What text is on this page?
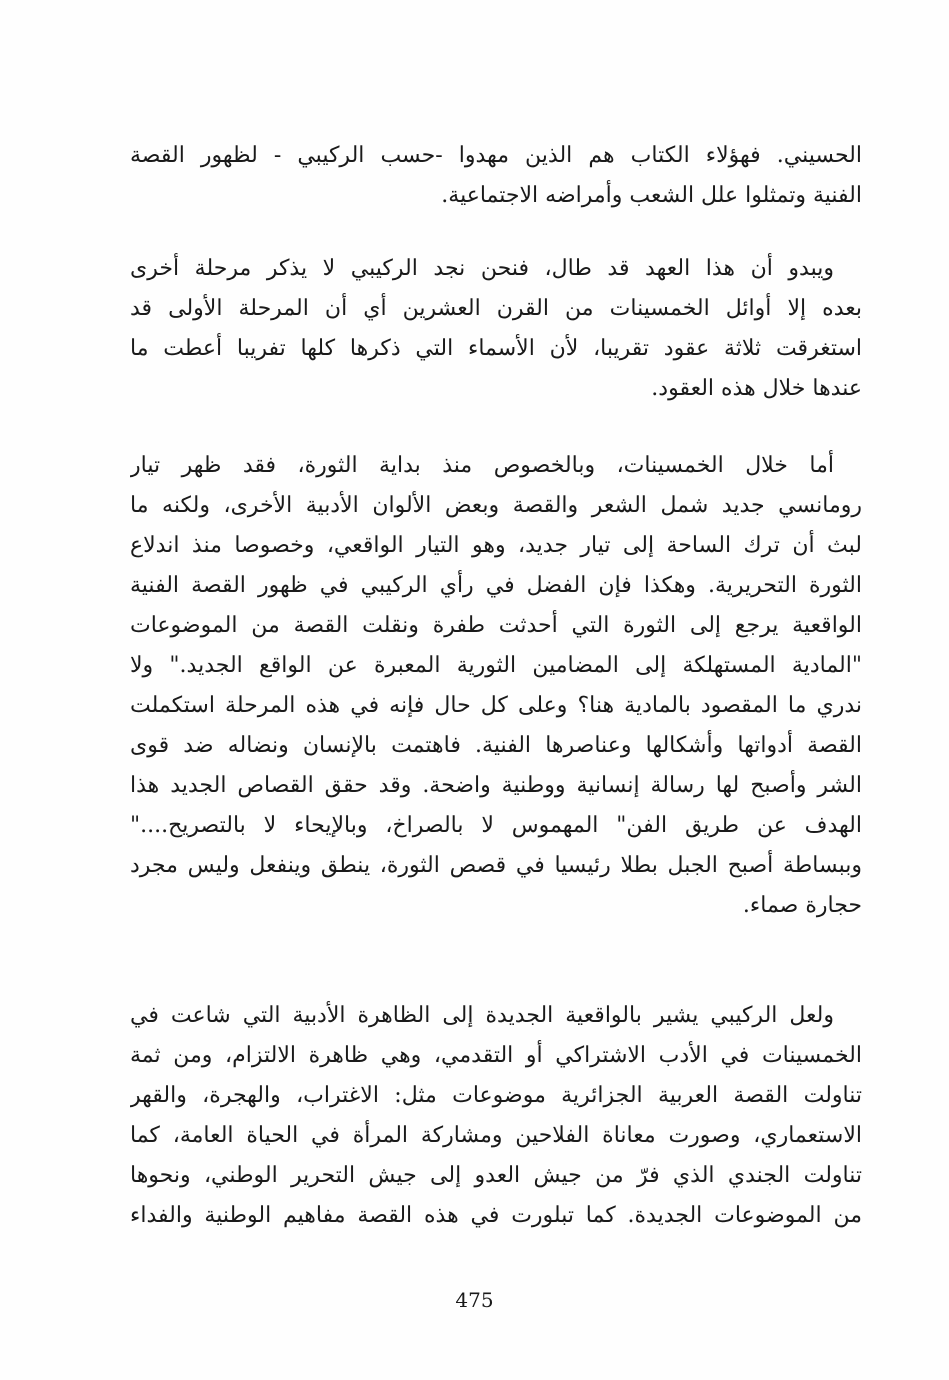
الحسيني. فهؤلاء الكتاب هم الذين مهدوا -حسب الركيبي - لظهور القصة
الفنية وتمثلوا علل الشعب وأمراضه الاجتماعية.
ويبدو أن هذا العهد قد طال، فنحن نجد الركيبي لا يذكر مرحلة أخرى
بعده إلا أوائل الخمسينات من القرن العشرين أي أن المرحلة الأولى قد
استغرقت ثلاثة عقود تقريبا، لأن الأسماء التي ذكرها كلها تفريبا أعطت ما
عندها خلال هذه العقود.
أما خلال الخمسينات، وبالخصوص منذ بداية الثورة، فقد ظهر تيار
رومانسي جديد شمل الشعر والقصة وبعض الألوان الأدبية الأخرى، ولكنه ما
لبث أن ترك الساحة إلى تيار جديد، وهو التيار الواقعي، وخصوصا منذ اندلاع
الثورة التحريرية. وهكذا فإن الفضل في رأي الركيبي في ظهور القصة الفنية
الواقعية يرجع إلى الثورة التي أحدثت طفرة ونقلت القصة من الموضوعات
"المادية المستهلكة إلى المضامين الثورية المعبرة عن الواقع الجديد." ولا
ندري ما المقصود بالمادية هنا؟ وعلى كل حال فإنه في هذه المرحلة استكملت
القصة أدواتها وأشكالها وعناصرها الفنية. فاهتمت بالإنسان ونضاله ضد قوى
الشر وأصبح لها رسالة إنسانية ووطنية واضحة. وقد حقق القصاص الجديد هذا
الهدف عن طريق الفن" المهموس لا بالصراخ، وبالإيحاء لا بالتصريح...."
وببساطة أصبح الجبل بطلا رئيسيا في قصص الثورة، ينطق وينفعل وليس مجرد
حجارة صماء.
ولعل الركيبي يشير بالواقعية الجديدة إلى الظاهرة الأدبية التي شاعت في
الخمسينات في الأدب الاشتراكي أو التقدمي، وهي ظاهرة الالتزام، ومن ثمة
تناولت القصة العربية الجزائرية موضوعات مثل: الاغتراب، والهجرة، والقهر
الاستعماري، وصورت معاناة الفلاحين ومشاركة المرأة في الحياة العامة، كما
تناولت الجندي الذي فرّ من جيش العدو إلى جيش التحرير الوطني، ونحوها
من الموضوعات الجديدة. كما تبلورت في هذه القصة مفاهيم الوطنية والفداء
475
